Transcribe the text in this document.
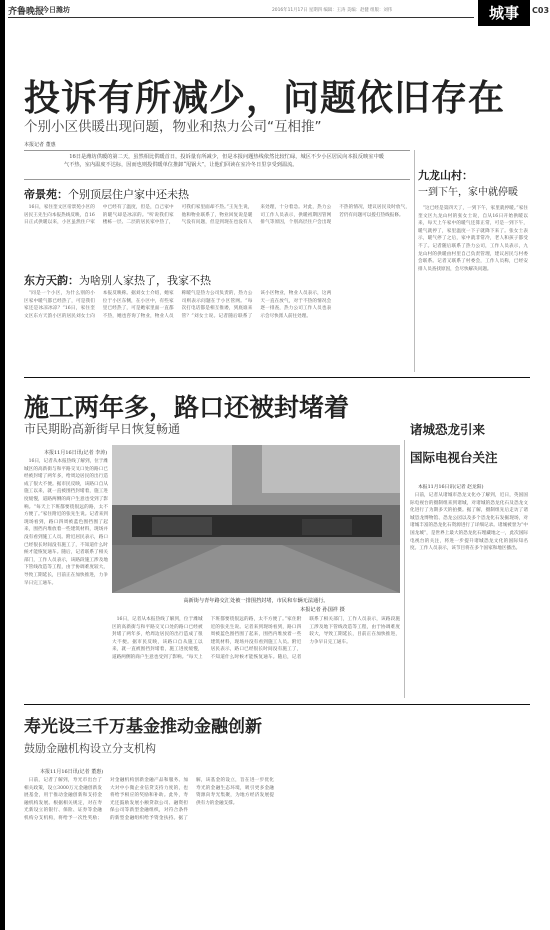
齐鲁晚报
今日潍坊	2016年11月17日 星期四 编辑：王涛 美编：赵健 组版：刘伟	城事	C03
投诉有所减少，问题依旧存在
个别小区供暖出现问题，物业和热力公司“互相推”
本报记者 董惠

16日是潍坊供暖的第二天，虽然相比供暖首日，投诉量有所减少，但是本报问题热线依然比较忙碌，城区不少小区居民向本报反映室中暖气不热，室内温度不达标，因而也则投供暖单位推卸“甩锅大”，让他们回读在室冷冬日里享受到温流。

帝景苑：个别顶层住户家中还未热

16日，家住奎文区帝景苑小区的居民王先生向本报热线反映，自16日正式供暖以来，小区虽然住户家中已经有了温度，但是，自己家中的暖气却是冰凉的。“听说我们家楼栋一层、二层的居民家中热了，可我们家里面却不热。”王先生说，他和物业联系了，物业回复说是暖气没有问题，但是到现在也没有人来处理，十分着急。对此，热力公司工作人员表示，供暖初期因管网排气等原因，个别高层住户会出现不热的情况，建议居民及时放气，若仍有问题可以拨打热线报修。

东方天韵：为啥别人家热了，我家不热

“同是一个小区，为什么别的小区家中暖气都已经热了，可是我们家还是冰凉冰凉？”16日，家住奎文区东方天韵小区的居民刘女士向本报反映称。据刘女士介绍，她家位于小区东侧，在小区中，有些家里已经热了，可是她家里面一直都不热，她也咨询了物业，物业人员称暖气是热力公司负责的，热力公司则表示问题在于小区管网。“每次打电话都是相互推诿，到底谁来管？”刘女士说。记者随后联系了该小区物业，物业人员表示，这两天一直在放气，对于不热的情况会逐一排查，热力公司工作人员也表示会尽快派人前往处理。

九龙山村：
一到下午，家中就停暖

“这已经是第四天了，一到下午，家里就停暖。”家住奎文区九龙山村的张女士说，自从16日开始供暖以来，每天上午家中的暖气还算正常，可是一到下午，暖气就停了，家里温度一下子就降下来了。张女士表示，暖气停了之后，家中就非常冷，老人和孩子都受不了。记者随后联系了热力公司，工作人员表示，九龙山村的供暖由村里自己负责管理，建议居民与村委会联系。记者又联系了村委会，工作人员称，已经安排人员查找原因，会尽快解决问题。

施工两年多，路口还被封堵着
市民期盼高新街早日恢复畅通
本报11月16日讯(记者 李涛)

16日，记者从本报热线了解到，位于潍城区的高新街与和平路交叉口处的路口已经被封堵了两年多，给周边居民的出行造成了很大不便。据市民反映，该路口自从施工以来，就一直被围挡封堵着，施工进度缓慢，道路两侧的商户生意也受到了影响。“每天上下班都要绕很远的路，太不方便了。”家住附近的张先生说。记者来到现场看到，路口四周被蓝色围挡围了起来，围挡内堆放着一些建筑材料，现场并没有看到施工人员。附近居民表示，路口已经很长时间没有施工了，不知道什么时候才能恢复通车。随后，记者联系了相关部门，工作人员表示，该路段施工涉及地下管线改造等工程，由于协调难度较大，导致工期延长，目前正在加快推进，力争早日完工通车。

高新街与青年路交汇处被一排围挡封堵，市民和车辆无法通行。
本报记者 孙国祥 摄

16日，记者从本报热线了解到，位于潍城区的高新街与和平路交叉口处的路口已经被封堵了两年多，给周边居民的出行造成了很大不便。据市民反映，该路口自从施工以来，就一直被围挡封堵着，施工进度缓慢，道路两侧的商户生意也受到了影响。“每天上下班都要绕很远的路，太不方便了。”家住附近的张先生说。记者来到现场看到，路口四周被蓝色围挡围了起来，围挡内堆放着一些建筑材料，现场并没有看到施工人员。附近居民表示，路口已经很长时间没有施工了，不知道什么时候才能恢复通车。随后，记者联系了相关部门，工作人员表示，该路段施工涉及地下管线改造等工程，由于协调难度较大，导致工期延长，目前正在加快推进，力争早日完工通车。

诸城恐龙引来
国际电视台关注
本报11月16日讯(记者 赵龙阳)

日前，记者从诸城市恐龙文化办了解到，近日，英国国际电视台的摄制组来到诸城，对诸城的恐龙化石及恐龙文化进行了为期多天的拍摄。据了解，摄制组先后走访了诸城恐龙博物馆、恐龙公园以及多个恐龙化石发掘现场，对诸城丰富的恐龙化石资源进行了详细记录。诸城被誉为“中国龙城”，是世界上最大的恐龙化石埋藏地之一，此次国际电视台的关注，将进一步提升诸城恐龙文化的国际知名度。工作人员表示，该节目将在多个国家和地区播出。

寿光设三千万基金推动金融创新
鼓励金融机构设立分支机构
本报11月16日讯(记者 董惠)

日前，记者了解到，寿光市出台了相关政策，设立3000万元金融创新发展基金，用于推动金融创新和支持金融机构发展。根据相关规定，对在寿光新设立的银行、保险、证券等金融机构分支机构，将给予一次性奖励；对金融机构创新金融产品和服务、加大对中小微企业信贷支持力度的，也将给予相应的奖励和补助。此外，寿光还鼓励发展小额贷款公司、融资担保公司等新型金融组织，对符合条件的新型金融组织给予资金扶持。据了解，该基金的设立，旨在进一步优化寿光的金融生态环境，吸引更多金融资源向寿光集聚，为地方经济发展提供有力的金融支撑。
